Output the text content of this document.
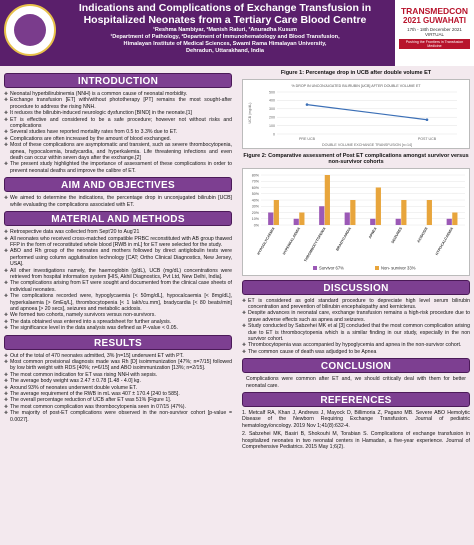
Indications and Complications of Exchange Transfusion in Hospitalized Neonates from a Tertiary Care Blood Centre
¹Reshma Nambiyar, ²Manish Raturi, ³Anuradha Kusum
¹Department of Pathology, ²Department of Immunohematology and Blood Transfusion,
Himalayan Institute of Medical Sciences, Swami Rama Himalayan University,
Dehradun, Uttarakhand, India
TRANSMEDCON
2021 GUWAHATI
17th - 18th December 2021
VIRTUAL
Pushing the Frontiers in Transfusion Medicine
INTRODUCTION
❖ Neonatal hyperbilirubinemia (NNH) is a common cause of neonatal morbidity.
❖ Exchange transfusion [ET] with/without phototherapy [PT] remains the most sought-after procedure to address the rising NNH.
❖ It reduces the bilirubin-induced neurologic dysfunction [BIND] in the neonate.[1]
❖ ET is effective and considered to be a safe procedure; however not without risks and complications
❖ Several studies have reported mortality rates from 0.5 to 3.3% due to ET.
❖ Complications are often increased by the amount of blood exchanged.
❖ Most of these complications are asymptomatic and transient, such as severe thrombocytopenia, apnea, hypocalcemia, bradycardia, and hyperkalemia. Life threatening infections and even death can occur within seven days after the exchange.[2]
❖ The present study highlighted the importance of assessment of these complications in order to prevent neonatal deaths and improve the calibre of ET.
AIM AND OBJECTIVES
❖ We aimed to determine the indications, the percentage drop in unconjugated bilirubin [UCB] while evaluating the complications associated with ET.
MATERIAL AND METHODS
❖ Retrospective data was collected from Sept'20 to Aug'21
❖ All neonates who received cross-matched compatible PRBC reconstituted with AB group thawed FFP in the form of reconstituted whole blood [RWB in mL] for ET were selected for the study.
❖ ABO and Rh group of the neonates and mothers followed by direct antiglobulin tests were performed using column agglutination technology [CAT; Ortho Clinical Diagnostics, New Jersey, USA].
❖ All other investigations namely, the haemoglobin (g/dL), UCB (mg/dL) concentrations were retrieved from hospital information system [HIS, Akhil Diagnostics, Pvt Ltd, New Delhi, India].
❖ The complications arising from ET were sought and documented from the clinical case sheets of individual neonates.
❖ The complications recorded were, hypoglycaemia [< 50mg/dL], hypocalcaemia [< 8mg/dL], hyperkalaemia [> 6mEq/L], thrombocytopenia [< 1 lakh/cu.mm], bradycardia [< 80 beats/min] and apnoea [> 20 secs], seizures and metabolic acidosis.
❖ We formed two cohorts, namely survivors versus non-survivors.
❖ The data obtained was entered into a spreadsheet for further analysis.
❖ The significance level in the data analysis was defined as P-value < 0.05.
RESULTS
❖ Out of the total of 470 neonates admitted, 3% [n=15] underwent ET with PT.
❖ Most common provisional diagnosis made was Rh [D] isoimmunization [47%; n=7/15] followed by low birth weight with RDS [40%; n=6/15] and ABO isoimmunization [13%; n=2/15].
❖ The most common indication for ET was rising NNH with sepsis.
❖ The average body weight was 2.47 ± 0.78 [1.48 - 4.0] kg.
❖ Around 93% of neonates underwent double volume ET.
❖ The average requirement of the RWB in mL was 407 ± 170.4 [240 to 585].
❖ The overall percentage reduction of UCB after ET was 51% [Figure 1].
❖ The most common complication was thrombocytopenia seen in 07/15 (47%).
❖ The majority of post-ET complications were observed in the non-survivor cohort [p-value = 0.0027].
Figure 1: Percentage drop in UCB after double volume ET
% DROP IN UNCONJUGATED BILIRUBIN [UCB] AFTER DOUBLE VOLUME ET
0
100
200
300
400
500
UCB (mg/dL)
PRE UCB	POST UCB
DOUBLE VOLUME EXCHANGE TRANSFUSION [n=14]
Figure 2: Comparative assessment of Post ET complications amongst survivor versus non-survivor cohorts
0%
10%
20%
30%
40%
50%
60%
70%
80%
HYPOGLYCAEMIA HYPERKALAEMIA THROMBOCYTOPENIA BRADYCARDIA	APNEA	SEIZURES	ACIDOSIS HYPOCALCAEMIA
Survivor 67%	Non- survivor 33%
DISCUSSION
❖ ET is considered as gold standard procedure to depreciate high level serum bilirubin concentration and prevention of bilirubin encephalopathy and kernicterus.
❖ Despite advances in neonatal care, exchange transfusion remains a high-risk procedure due to grave adverse effects such as apnea and seizures.
❖ Study conducted by Sabzehei MK et al [3] concluded that the most common complication arising due to ET is thrombocytopenia which is a similar finding in our study, especially in the non survivor cohort.
❖ Thrombocytopenia was accompanied by hypoglycemia and apnea in the non-survivor cohort.
❖ The common cause of death was adjudged to be Apnea
CONCLUSION
Complications were common after ET and, we should critically deal with them for better neonatal care.
REFERENCES
1. Metcalf RA, Khan J, Andrews J, Mayock D, Billimoria Z, Pagano MB. Severe ABO Hemolytic Disease of the Newborn Requiring Exchange Transfusion. Journal of pediatric hematology/oncology. 2019 Nov 1;41(8):632-4.
2. Sabzehei MK, Basiri B, Shokouhi M, Torabian S. Complications of exchange transfusion in hospitalized neonates in two neonatal centers in Hamadan, a five-year experience. Journal of Comprehensive Pediatrics. 2015 May 1;6(2).
